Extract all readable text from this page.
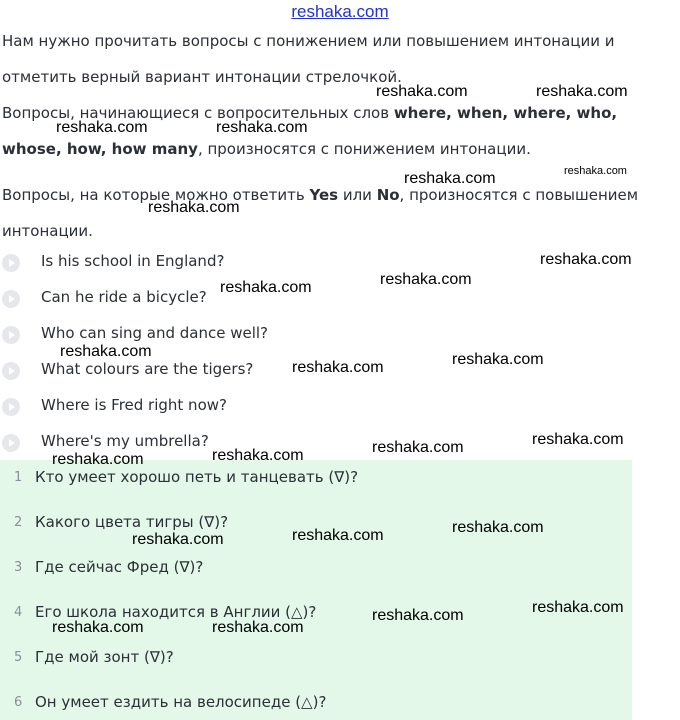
reshaka.com

Нам нужно прочитать вопросы с понижением или повышением интонации и отметить верный вариант интонации стрелочкой.

Вопросы, начинающиеся с вопросительных слов where, when, where, who, whose, how, how many, произносятся с понижением интонации.

Вопросы, на которые можно ответить Yes или No, произносятся с повышением интонации.

Is his school in England?
Can he ride a bicycle?
Who can sing and dance well?
What colours are the tigers?
Where is Fred right now?
Where's my umbrella?
1 Кто умеет хорошо петь и танцевать (∇)?
2 Какого цвета тигры (∇)?
3 Где сейчас Фред (∇)?
4 Его школа находится в Англии (△)?
5 Где мой зонт (∇)?
6 Он умеет ездить на велосипеде (△)?
reshaka.com	reshaka.com
reshaka.com	reshaka.com
reshaka.com
reshaka.com
reshaka.com
reshaka.com
reshaka.com
reshaka.com
reshaka.com	reshaka.com
reshaka.com
reshaka.com
reshaka.com
reshaka.com
reshaka.com
reshaka.com
reshaka.com
reshaka.com
reshaka.com
reshaka.com
reshaka.com	reshaka.com
